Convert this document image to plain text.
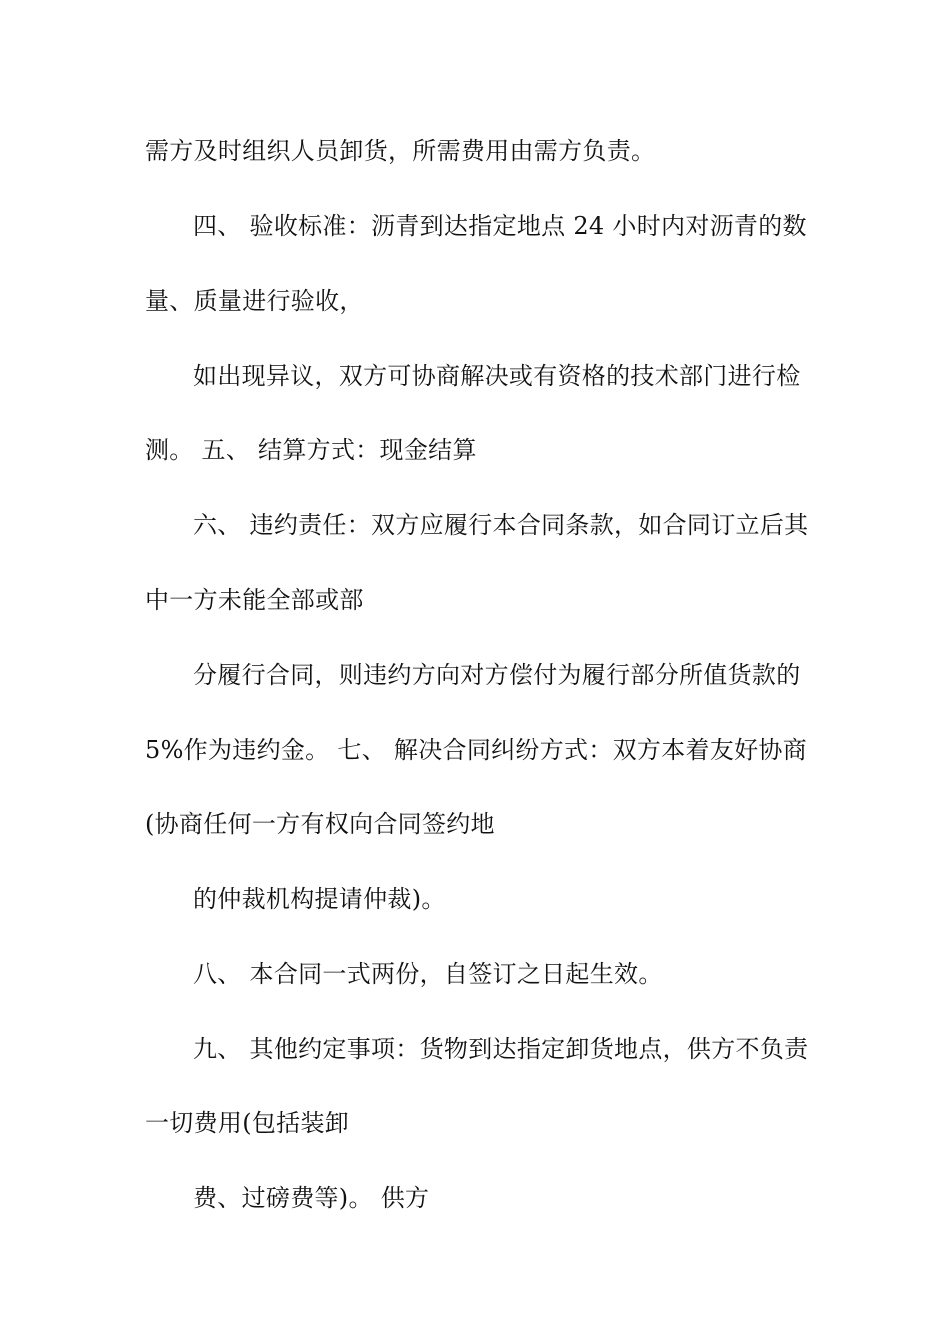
需方及时组织人员卸货，所需费用由需方负责。
四、 验收标准：沥青到达指定地点 24 小时内对沥青的数
量、质量进行验收，
如出现异议，双方可协商解决或有资格的技术部门进行检
测。 五、 结算方式：现金结算
六、 违约责任：双方应履行本合同条款，如合同订立后其
中一方未能全部或部
分履行合同，则违约方向对方偿付为履行部分所值货款的
5%作为违约金。 七、 解决合同纠纷方式：双方本着友好协商
(协商任何一方有权向合同签约地
的仲裁机构提请仲裁)。
八、 本合同一式两份，自签订之日起生效。
九、 其他约定事项：货物到达指定卸货地点，供方不负责
一切费用(包括装卸
费、过磅费等)。 供方
